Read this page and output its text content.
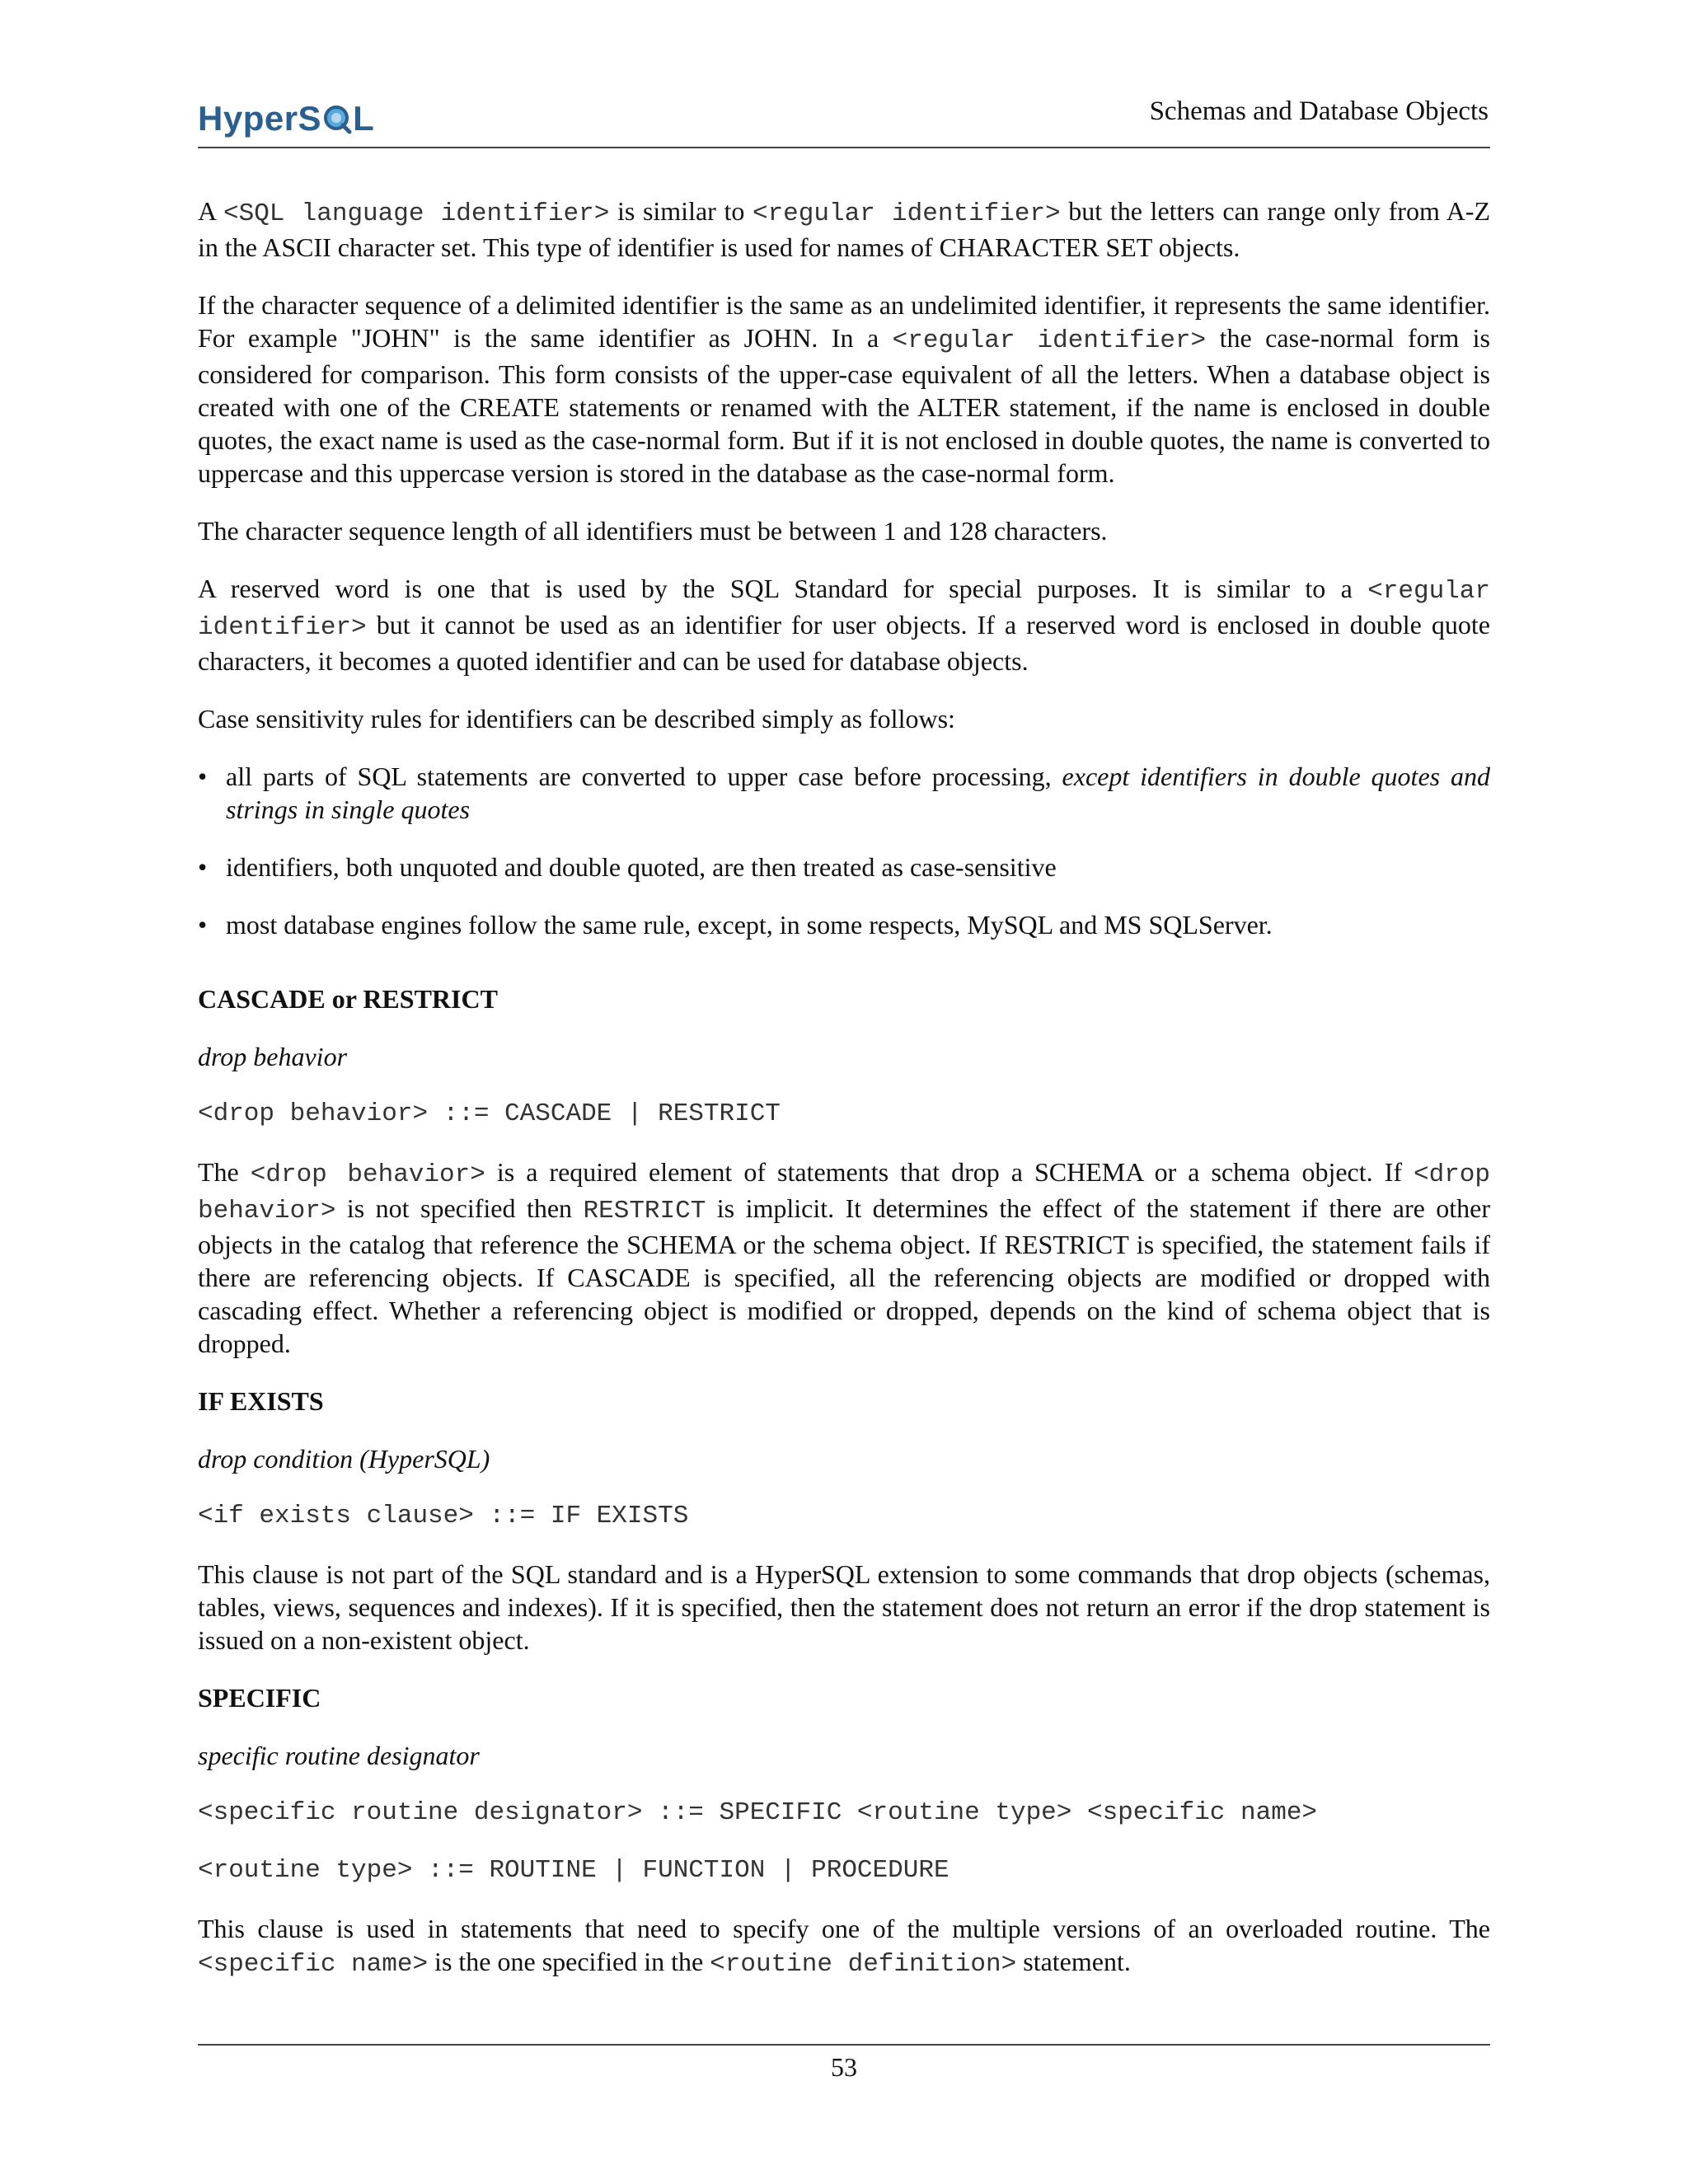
HyperS L	Schemas and Database Objects

A <SQL language identifier> is similar to <regular identifier> but the letters can range only from A-Z in the ASCII character set. This type of identifier is used for names of CHARACTER SET objects.

If the character sequence of a delimited identifier is the same as an undelimited identifier, it represents the same identifier. For example "JOHN" is the same identifier as JOHN. In a <regular identifier> the case-normal form is considered for comparison. This form consists of the upper-case equivalent of all the letters. When a database object is created with one of the CREATE statements or renamed with the ALTER statement, if the name is enclosed in double quotes, the exact name is used as the case-normal form. But if it is not enclosed in double quotes, the name is converted to uppercase and this uppercase version is stored in the database as the case-normal form.

The character sequence length of all identifiers must be between 1 and 128 characters.

A reserved word is one that is used by the SQL Standard for special purposes. It is similar to a <regular identifier> but it cannot be used as an identifier for user objects. If a reserved word is enclosed in double quote characters, it becomes a quoted identifier and can be used for database objects.

Case sensitivity rules for identifiers can be described simply as follows:

• all parts of SQL statements are converted to upper case before processing, except identifiers in double quotes and strings in single quotes
• identifiers, both unquoted and double quoted, are then treated as case-sensitive
• most database engines follow the same rule, except, in some respects, MySQL and MS SQLServer.
CASCADE or RESTRICT

drop behavior

<drop behavior> ::= CASCADE | RESTRICT

The <drop behavior> is a required element of statements that drop a SCHEMA or a schema object. If <drop behavior> is not specified then RESTRICT is implicit. It determines the effect of the statement if there are other objects in the catalog that reference the SCHEMA or the schema object. If RESTRICT is specified, the statement fails if there are referencing objects. If CASCADE is specified, all the referencing objects are modified or dropped with cascading effect. Whether a referencing object is modified or dropped, depends on the kind of schema object that is dropped.

IF EXISTS

drop condition (HyperSQL)

<if exists clause> ::= IF EXISTS

This clause is not part of the SQL standard and is a HyperSQL extension to some commands that drop objects (schemas, tables, views, sequences and indexes). If it is specified, then the statement does not return an error if the drop statement is issued on a non-existent object.

SPECIFIC

specific routine designator

<specific routine designator> ::= SPECIFIC <routine type> <specific name>
<routine type> ::= ROUTINE | FUNCTION | PROCEDURE

This clause is used in statements that need to specify one of the multiple versions of an overloaded routine. The <specific name> is the one specified in the <routine definition> statement.

53
